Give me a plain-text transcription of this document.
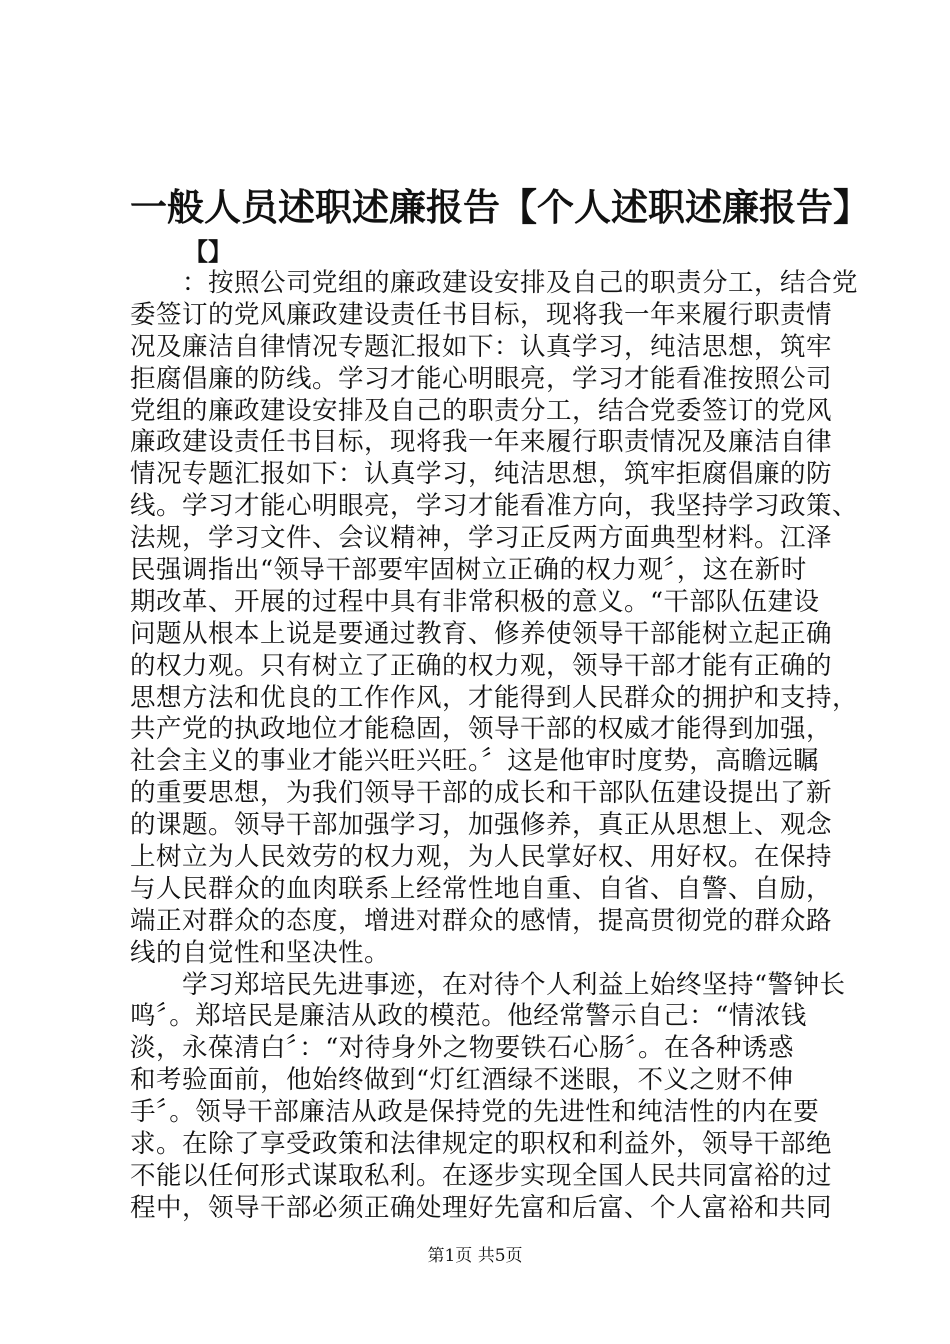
一般人员述职述廉报告【个人述职述廉报告】
【】
　　：按照公司党组的廉政建设安排及自己的职责分工，结合党
委签订的党风廉政建设责任书目标，现将我一年来履行职责情
况及廉洁自律情况专题汇报如下：认真学习，纯洁思想，筑牢
拒腐倡廉的防线。学习才能心明眼亮，学习才能看准按照公司
党组的廉政建设安排及自己的职责分工，结合党委签订的党风
廉政建设责任书目标，现将我一年来履行职责情况及廉洁自律
情况专题汇报如下：认真学习，纯洁思想，筑牢拒腐倡廉的防
线。学习才能心明眼亮，学习才能看准方向，我坚持学习政策、
法规，学习文件、会议精神，学习正反两方面典型材料。江泽
民强调指出“领导干部要牢固树立正确的权力观〞，这在新时
期改革、开展的过程中具有非常积极的意义。“干部队伍建设
问题从根本上说是要通过教育、修养使领导干部能树立起正确
的权力观。只有树立了正确的权力观，领导干部才能有正确的
思想方法和优良的工作作风，才能得到人民群众的拥护和支持，
共产党的执政地位才能稳固，领导干部的权威才能得到加强，
社会主义的事业才能兴旺兴旺。〞这是他审时度势，高瞻远瞩
的重要思想，为我们领导干部的成长和干部队伍建设提出了新
的课题。领导干部加强学习，加强修养，真正从思想上、观念
上树立为人民效劳的权力观，为人民掌好权、用好权。在保持
与人民群众的血肉联系上经常性地自重、自省、自警、自励，
端正对群众的态度，增进对群众的感情，提高贯彻党的群众路
线的自觉性和坚决性。
　　学习郑培民先进事迹，在对待个人利益上始终坚持“警钟长
鸣〞。郑培民是廉洁从政的模范。他经常警示自己：“情浓钱
淡，永葆清白〞：“对待身外之物要铁石心肠〞。在各种诱惑
和考验面前，他始终做到“灯红酒绿不迷眼，不义之财不伸
手〞。领导干部廉洁从政是保持党的先进性和纯洁性的内在要
求。在除了享受政策和法律规定的职权和利益外，领导干部绝
不能以任何形式谋取私利。在逐步实现全国人民共同富裕的过
程中，领导干部必须正确处理好先富和后富、个人富裕和共同
第1页 共5页
